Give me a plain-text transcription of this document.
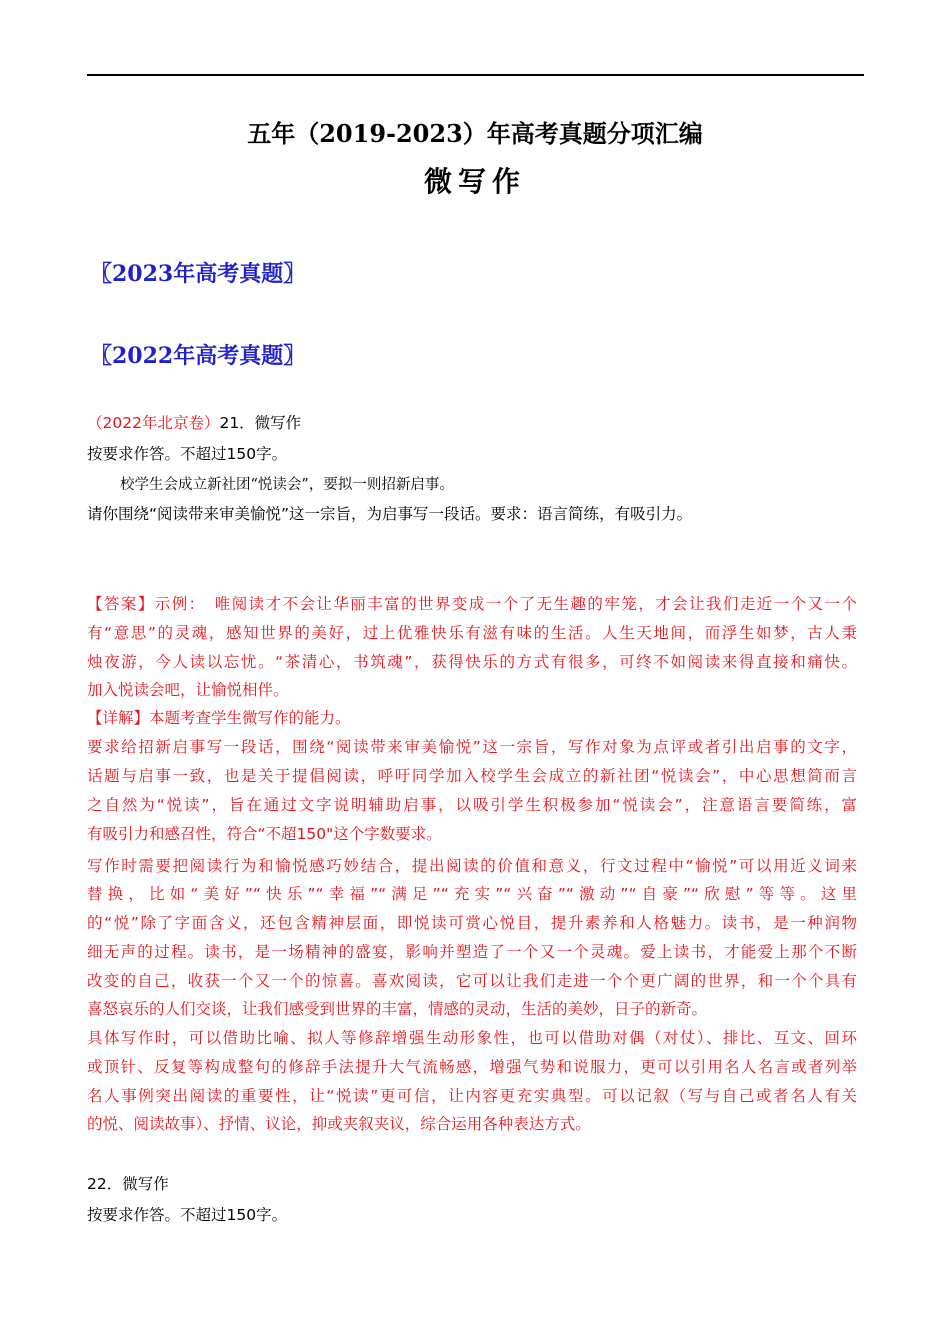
五年（2019-2023）年高考真题分项汇编
微写作
〖2023年高考真题〗
〖2022年高考真题〗
（2022年北京卷）21．微写作
按要求作答。不超过150字。
校学生会成立新社团“悦读会”，要拟一则招新启事。
请你围绕“阅读带来审美愉悦”这一宗旨，为启事写一段话。要求：语言简练，有吸引力。
【答案】示例：　唯阅读才不会让华丽丰富的世界变成一个了无生趣的牢笼，才会让我们走近一个又一个
有“意思”的灵魂，感知世界的美好，过上优雅快乐有滋有味的生活。人生天地间，而浮生如梦，古人秉
烛夜游，今人读以忘忧。“茶清心，书筑魂”，获得快乐的方式有很多，可终不如阅读来得直接和痛快。
加入悦读会吧，让愉悦相伴。
【详解】本题考查学生微写作的能力。
要求给招新启事写一段话，围绕“阅读带来审美愉悦”这一宗旨，写作对象为点评或者引出启事的文字，
话题与启事一致，也是关于提倡阅读，呼吁同学加入校学生会成立的新社团“悦读会”，中心思想简而言
之自然为“悦读”，旨在通过文字说明辅助启事，以吸引学生积极参加“悦读会”，注意语言要简练，富
有吸引力和感召性，符合“不超150"这个字数要求。
写作时需要把阅读行为和愉悦感巧妙结合，提出阅读的价值和意义，行文过程中“愉悦”可以用近义词来
替换，比如“美好”“快乐”“幸福”“满足”“充实”“兴奋”“激动”“自豪”“欣慰”等等。这里
的“悦”除了字面含义，还包含精神层面，即悦读可赏心悦目，提升素养和人格魅力。读书，是一种润物
细无声的过程。读书，是一场精神的盛宴，影响并塑造了一个又一个灵魂。爱上读书，才能爱上那个不断
改变的自己，收获一个又一个的惊喜。喜欢阅读，它可以让我们走进一个个更广阔的世界，和一个个具有
喜怒哀乐的人们交谈，让我们感受到世界的丰富，情感的灵动，生活的美妙，日子的新奇。
具体写作时，可以借助比喻、拟人等修辞增强生动形象性，也可以借助对偶（对仗）、排比、互文、回环
或顶针、反复等构成整句的修辞手法提升大气流畅感，增强气势和说服力，更可以引用名人名言或者列举
名人事例突出阅读的重要性，让“悦读”更可信，让内容更充实典型。可以记叙（写与自己或者名人有关
的悦、阅读故事）、抒情、议论，抑或夹叙夹议，综合运用各种表达方式。
22．微写作
按要求作答。不超过150字。
